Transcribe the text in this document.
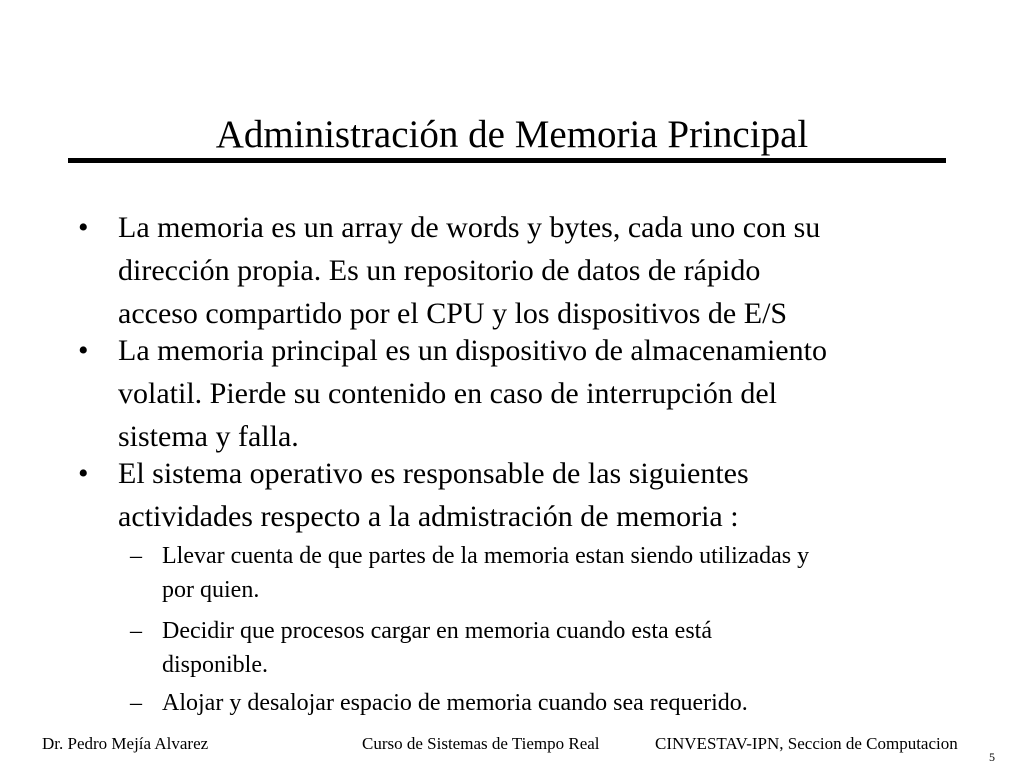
Administración de Memoria Principal
• La memoria es un array de words y bytes, cada uno con su
dirección propia. Es un repositorio de datos de rápido
acceso compartido por el CPU y los dispositivos de E/S
• La memoria principal es un dispositivo de almacenamiento
volatil. Pierde su contenido en caso de interrupción del
sistema y falla.
• El sistema operativo es responsable de las siguientes
actividades respecto a la admistración de memoria :
– Llevar cuenta de que partes de la memoria estan siendo utilizadas y
por quien.
– Decidir que procesos cargar en memoria cuando esta está
disponible.
– Alojar y desalojar espacio de memoria cuando sea requerido.
Dr. Pedro Mejía Alvarez	Curso de Sistemas de Tiempo Real	CINVESTAV-IPN, Seccion de Computacion
5
